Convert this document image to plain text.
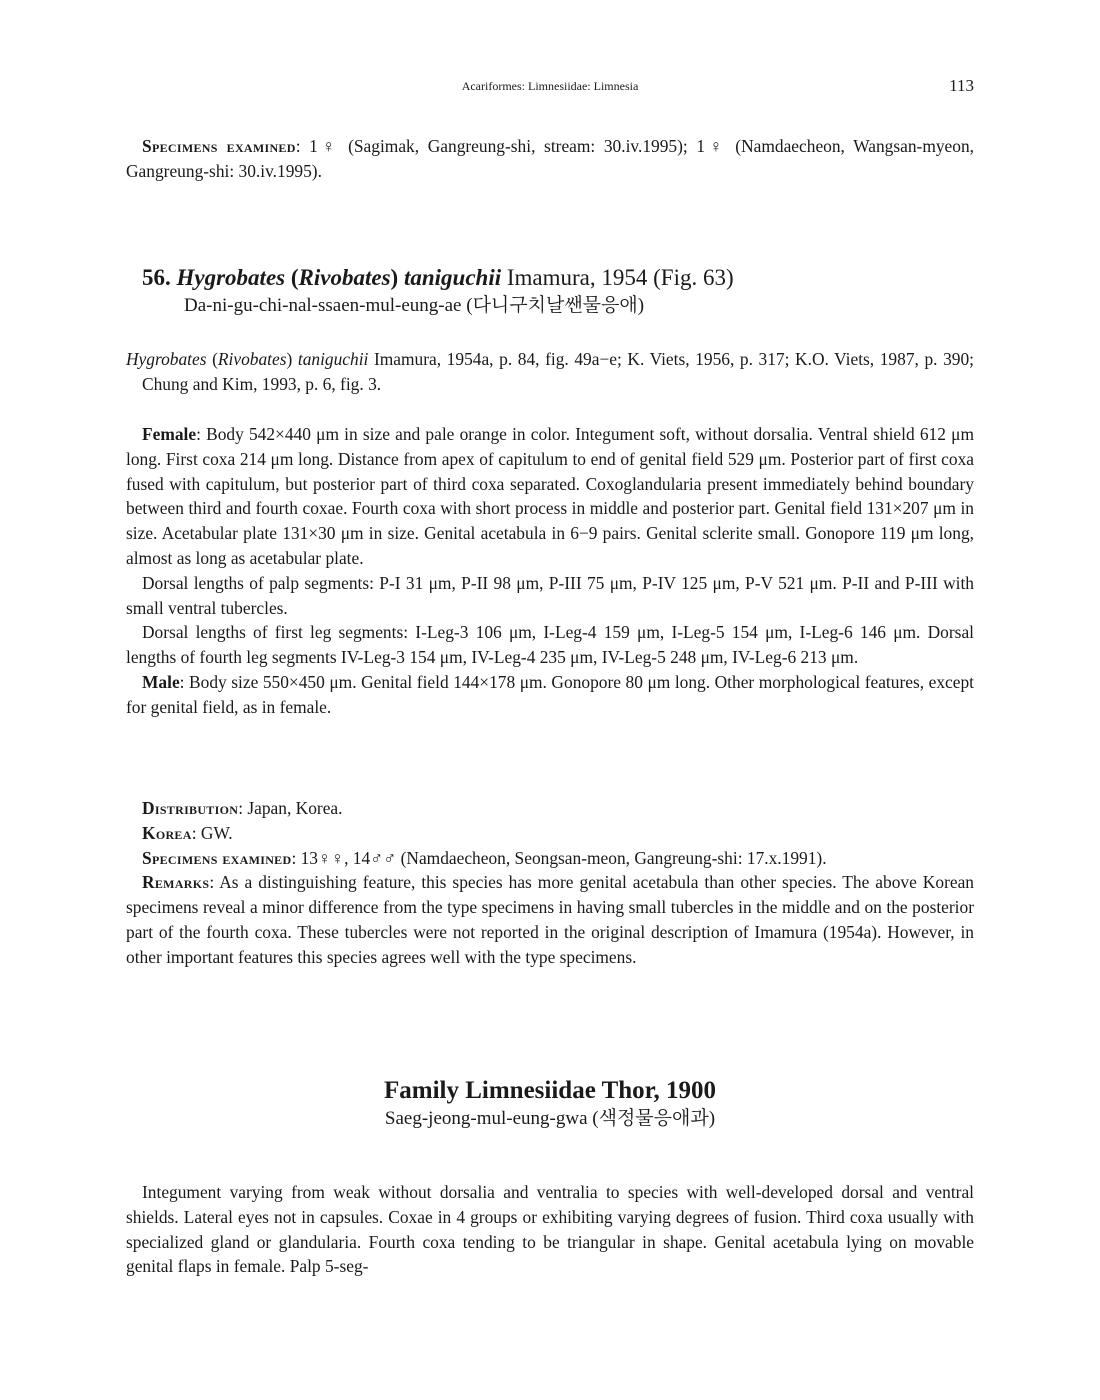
Acariformes: Limnesiidae: Limnesia	113

Specimens examined: 1♀ (Sagimak, Gangreung-shi, stream: 30.iv.1995); 1♀ (Namdaecheon, Wangsan-myeon, Gangreung-shi: 30.iv.1995).

56. Hygrobates (Rivobates) taniguchii Imamura, 1954 (Fig. 63)

Da-ni-gu-chi-nal-ssaen-mul-eung-ae (다니구치날쌘물응애)

Hygrobates (Rivobates) taniguchii Imamura, 1954a, p. 84, fig. 49a−e; K. Viets, 1956, p. 317; K.O. Viets, 1987, p. 390; Chung and Kim, 1993, p. 6, fig. 3.

Female: Body 542×440 μm in size and pale orange in color. Integument soft, without dorsalia. Ventral shield 612 μm long. First coxa 214 μm long. Distance from apex of capitulum to end of genital field 529 μm. Posterior part of first coxa fused with capitulum, but posterior part of third coxa separated. Coxoglandularia present immediately behind boundary between third and fourth coxae. Fourth coxa with short process in middle and posterior part. Genital field 131×207 μm in size. Acetabular plate 131×30 μm in size. Genital acetabula in 6−9 pairs. Genital sclerite small. Gonopore 119 μm long, almost as long as acetabular plate.

Dorsal lengths of palp segments: P-I 31 μm, P-II 98 μm, P-III 75 μm, P-IV 125 μm, P-V 521 μm. P-II and P-III with small ventral tubercles.

Dorsal lengths of first leg segments: I-Leg-3 106 μm, I-Leg-4 159 μm, I-Leg-5 154 μm, I-Leg-6 146 μm. Dorsal lengths of fourth leg segments IV-Leg-3 154 μm, IV-Leg-4 235 μm, IV-Leg-5 248 μm, IV-Leg-6 213 μm.

Male: Body size 550×450 μm. Genital field 144×178 μm. Gonopore 80 μm long. Other morphological features, except for genital field, as in female.

Distribution: Japan, Korea.

Korea: GW.

Specimens examined: 13♀♀, 14♂♂ (Namdaecheon, Seongsan-meon, Gangreung-shi: 17.x.1991).

Remarks: As a distinguishing feature, this species has more genital acetabula than other species. The above Korean specimens reveal a minor difference from the type specimens in having small tubercles in the middle and on the posterior part of the fourth coxa. These tubercles were not reported in the original description of Imamura (1954a). However, in other important features this species agrees well with the type specimens.

Family Limnesiidae Thor, 1900

Saeg-jeong-mul-eung-gwa (색정물응애과)

Integument varying from weak without dorsalia and ventralia to species with well-developed dorsal and ventral shields. Lateral eyes not in capsules. Coxae in 4 groups or exhibiting varying degrees of fusion. Third coxa usually with specialized gland or glandularia. Fourth coxa tending to be triangular in shape. Genital acetabula lying on movable genital flaps in female. Palp 5-seg-
